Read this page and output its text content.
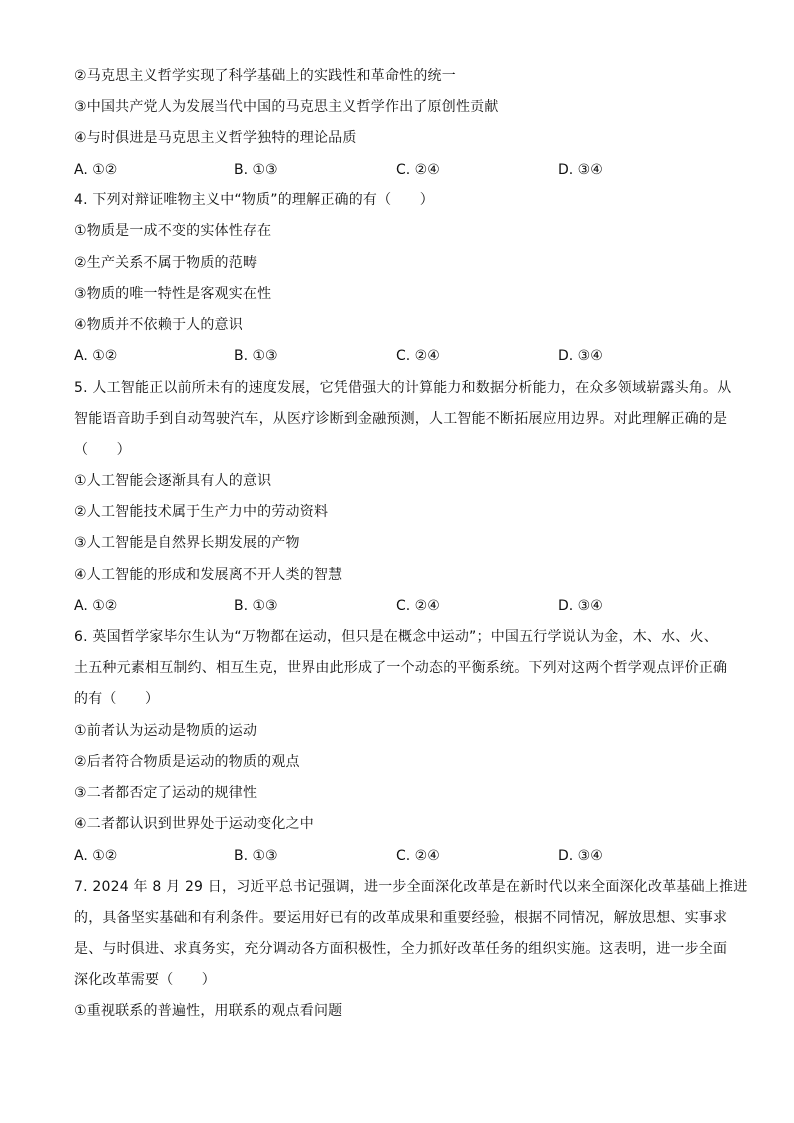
②马克思主义哲学实现了科学基础上的实践性和革命性的统一
③中国共产党人为发展当代中国的马克思主义哲学作出了原创性贡献
④与时俱进是马克思主义哲学独特的理论品质
A. ①②	B. ①③	C. ②④	D. ③④
4. 下列对辩证唯物主义中“物质”的理解正确的有（　　）
①物质是一成不变的实体性存在
②生产关系不属于物质的范畴
③物质的唯一特性是客观实在性
④物质并不依赖于人的意识
A. ①②	B. ①③	C. ②④	D. ③④
5. 人工智能正以前所未有的速度发展，它凭借强大的计算能力和数据分析能力，在众多领域崭露头角。从
智能语音助手到自动驾驶汽车，从医疗诊断到金融预测，人工智能不断拓展应用边界。对此理解正确的是
（　　）
①人工智能会逐渐具有人的意识
②人工智能技术属于生产力中的劳动资料
③人工智能是自然界长期发展的产物
④人工智能的形成和发展离不开人类的智慧
A. ①②	B. ①③	C. ②④	D. ③④
6. 英国哲学家毕尔生认为“万物都在运动，但只是在概念中运动”；中国五行学说认为金，木、水、火、
土五种元素相互制约、相互生克，世界由此形成了一个动态的平衡系统。下列对这两个哲学观点评价正确
的有（　　）
①前者认为运动是物质的运动
②后者符合物质是运动的物质的观点
③二者都否定了运动的规律性
④二者都认识到世界处于运动变化之中
A. ①②	B. ①③	C. ②④	D. ③④
7. 2024 年 8 月 29 日，习近平总书记强调，进一步全面深化改革是在新时代以来全面深化改革基础上推进
的，具备坚实基础和有利条件。要运用好已有的改革成果和重要经验，根据不同情况，解放思想、实事求
是、与时俱进、求真务实，充分调动各方面积极性，全力抓好改革任务的组织实施。这表明，进一步全面
深化改革需要（　　）
①重视联系的普遍性，用联系的观点看问题
